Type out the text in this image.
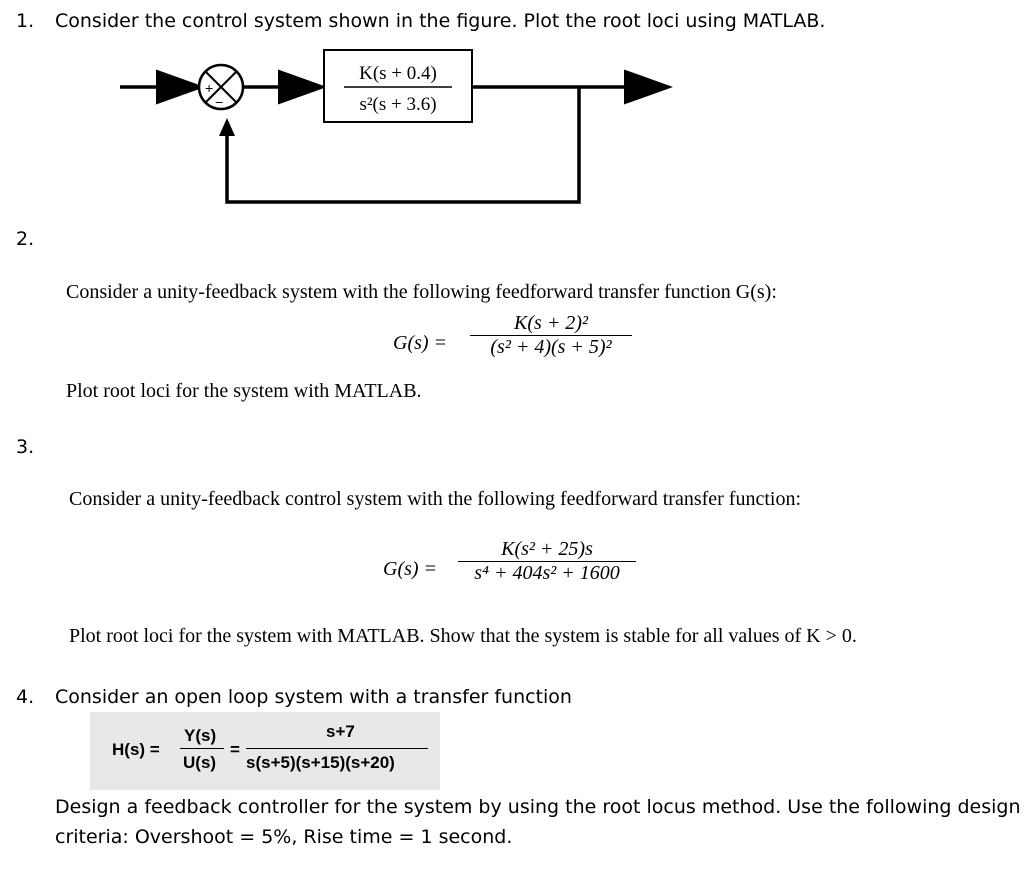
1. Consider the control system shown in the figure. Plot the root loci using MATLAB.
+
−
K(s + 0.4)
s²(s + 3.6)
2.
Consider a unity-feedback system with the following feedforward transfer function G(s):
G(s) =
K(s + 2)²
(s² + 4)(s + 5)²
Plot root loci for the system with MATLAB.
3.
Consider a unity-feedback control system with the following feedforward transfer function:
G(s) =
K(s² + 25)s
s⁴ + 404s² + 1600
Plot root loci for the system with MATLAB. Show that the system is stable for all values of K > 0.
4. Consider an open loop system with a transfer function
H(s) =
Y(s)
U(s)
=
s+7
s(s+5)(s+15)(s+20)
Design a feedback controller for the system by using the root locus method. Use the following design
criteria: Overshoot = 5%, Rise time = 1 second.
